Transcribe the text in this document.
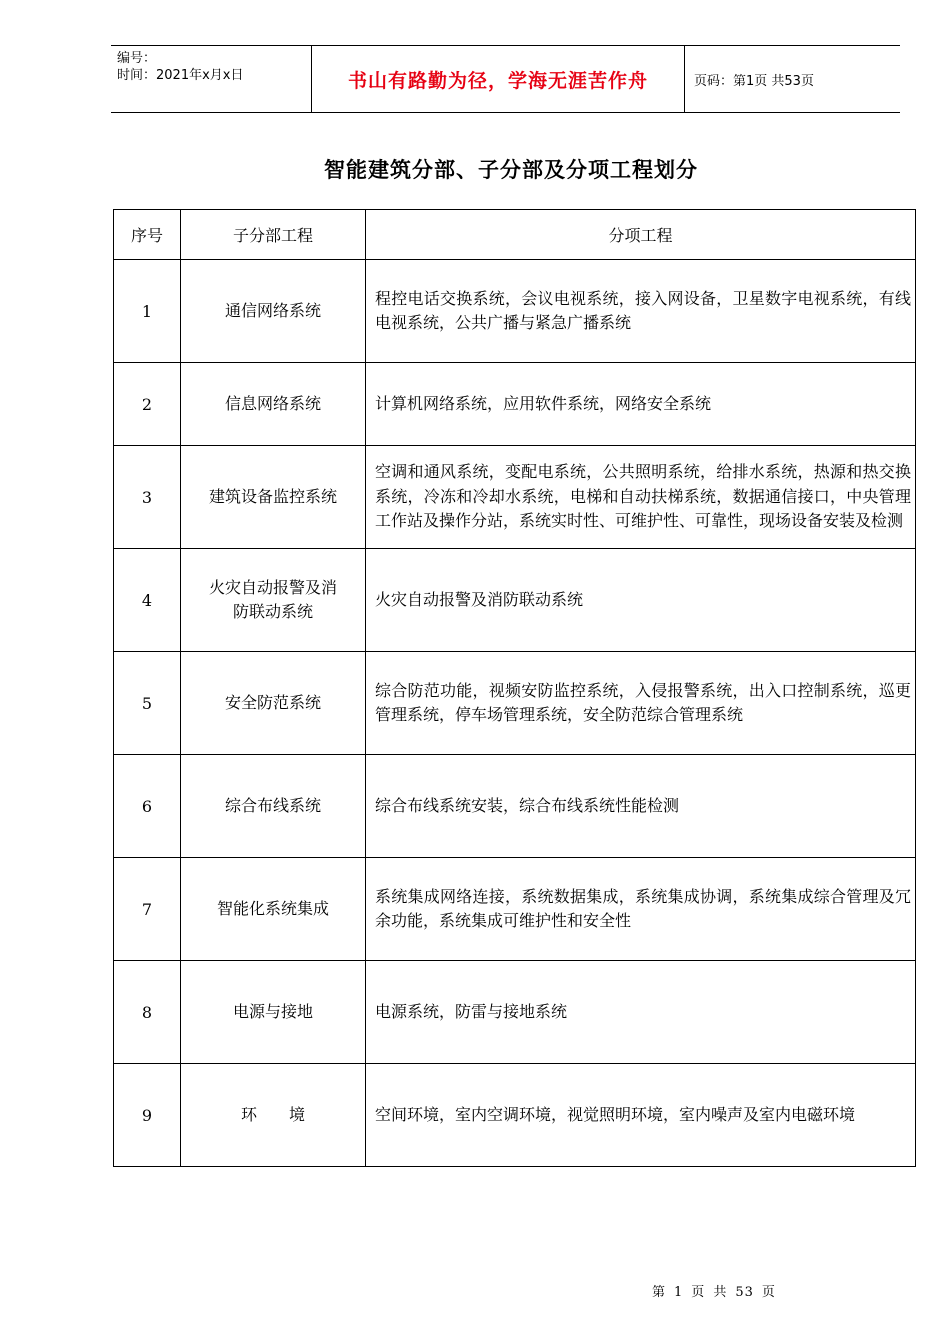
编号：
时间：2021年x月x日	书山有路勤为径，学海无涯苦作舟	页码：第1页 共53页
智能建筑分部、子分部及分项工程划分
序号	子分部工程	分项工程
1	通信网络系统	程控电话交换系统，会议电视系统，接入网设备，卫星数字电视系统，有线电视系统，公共广播与紧急广播系统
2	信息网络系统	计算机网络系统，应用软件系统，网络安全系统
3	建筑设备监控系统	空调和通风系统，变配电系统，公共照明系统，给排水系统，热源和热交换系统，冷冻和冷却水系统，电梯和自动扶梯系统，数据通信接口，中央管理工作站及操作分站，系统实时性、可维护性、可靠性，现场设备安装及检测
4	火灾自动报警及消防联动系统	火灾自动报警及消防联动系统
5	安全防范系统	综合防范功能，视频安防监控系统，入侵报警系统，出入口控制系统，巡更管理系统，停车场管理系统，安全防范综合管理系统
6	综合布线系统	综合布线系统安装，综合布线系统性能检测
7	智能化系统集成	系统集成网络连接，系统数据集成，系统集成协调，系统集成综合管理及冗余功能，系统集成可维护性和安全性
8	电源与接地	电源系统，防雷与接地系统
9	环　　境	空间环境，室内空调环境，视觉照明环境，室内噪声及室内电磁环境
第 1 页 共 53 页
